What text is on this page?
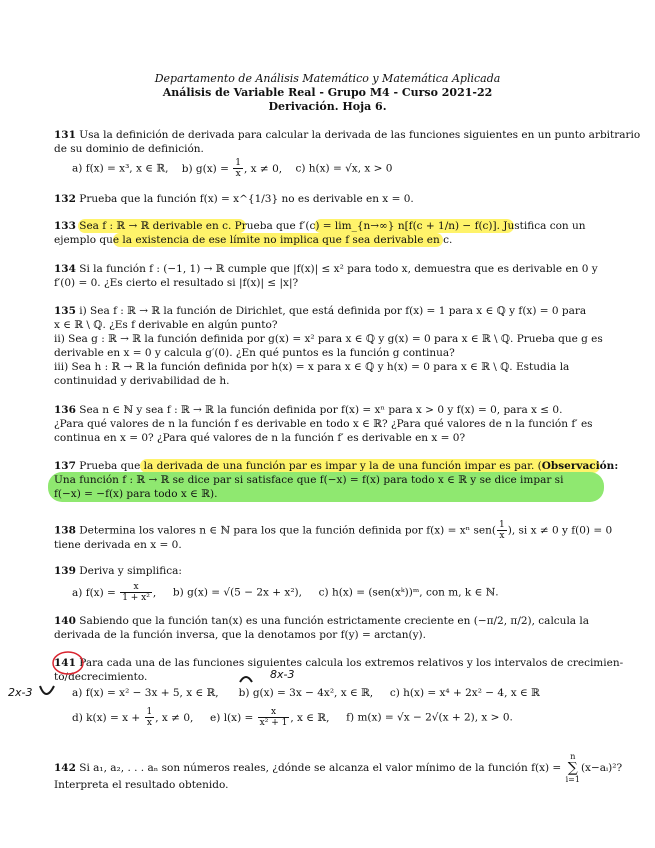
Departamento de Análisis Matemático y Matemática Aplicada
Análisis de Variable Real - Grupo M4 - Curso 2021-22
Derivación. Hoja 6.
131 Usa la definición de derivada para calcular la derivada de las funciones siguientes en un punto arbitrario
de su dominio de definición.
a) f(x) = x³, x ∈ ℝ, b) $g(x) = \frac{1}{x}$ , x ≠ 0, c) h(x) = √x, x > 0
132 Prueba que la función f(x) = x^{1/3} no es derivable en x = 0.
133 Sea f : ℝ → ℝ derivable en c. Prueba que f′(c) = lim_{n→∞} n[f(c + 1/n) − f(c)]. Justifica con un
ejemplo que la existencia de ese límite no implica que f sea derivable en c.
134 Si la función f : (−1, 1) → ℝ cumple que |f(x)| ≤ x² para todo x, demuestra que es derivable en 0 y
f′(0) = 0. ¿Es cierto el resultado si |f(x)| ≤ |x|?
135 i) Sea f : ℝ → ℝ la función de Dirichlet, que está definida por f(x) = 1 para x ∈ ℚ y f(x) = 0 para
x ∈ ℝ \ ℚ. ¿Es f derivable en algún punto?
ii) Sea g : ℝ → ℝ la función definida por g(x) = x² para x ∈ ℚ y g(x) = 0 para x ∈ ℝ \ ℚ. Prueba que g es
derivable en x = 0 y calcula g′(0). ¿En qué puntos es la función g continua?
iii) Sea h : ℝ → ℝ la función definida por h(x) = x para x ∈ ℚ y h(x) = 0 para x ∈ ℝ \ ℚ. Estudia la
continuidad y derivabilidad de h.
136 Sea n ∈ ℕ y sea f : ℝ → ℝ la función definida por f(x) = xⁿ para x > 0 y f(x) = 0, para x ≤ 0.
¿Para qué valores de n la función f es derivable en todo x ∈ ℝ? ¿Para qué valores de n la función f′ es
continua en x = 0? ¿Para qué valores de n la función f′ es derivable en x = 0?
137 Prueba que la derivada de una función par es impar y la de una función impar es par. (Observación:
Una función f : ℝ → ℝ se dice par si satisface que f(−x) = f(x) para todo x ∈ ℝ y se dice impar si
f(−x) = −f(x) para todo x ∈ ℝ).
138 Determina los valores n ∈ ℕ para los que la función definida por f(x) = xⁿ $sen( \frac{1}{x}$ ), si x ≠ 0 y f(0) = 0
tiene derivada en x = 0.
139 Deriva y simplifica:
a) $f(x) = \frac{x}{\text{1 + x²}}$ , b) g(x) = √(5 − 2x + x²), c) h(x) = (sen(xᵏ))ᵐ, con m, k ∈ ℕ.
140 Sabiendo que la función tan(x) es una función estrictamente creciente en (−π/2, π/2), calcula la
derivada de la función inversa, que la denotamos por f(y) = arctan(y).
141 Para cada una de las funciones siguientes calcula los extremos relativos y los intervalos de crecimien-
to/decrecimiento.
a) f(x) = x² − 3x + 5, x ∈ ℝ, b) g(x) = 3x − 4x², x ∈ ℝ, c) h(x) = x⁴ + 2x² − 4, x ∈ ℝ
d) $k(x) = x + \frac{1}{x}$ , x ≠ 0, e) $l(x) = \frac{x}{\text{x² + 1}}$ , x ∈ ℝ, f) m(x) = √x − 2√(x + 2), x > 0.
142 Si a₁, a₂, . . . aₙ son números reales, ¿dónde se alcanza el valor mínimo de la función f(x) = n
∑
i=1(x−aᵢ)²?
Interpreta el resultado obtenido.
2x-3
8x-3
